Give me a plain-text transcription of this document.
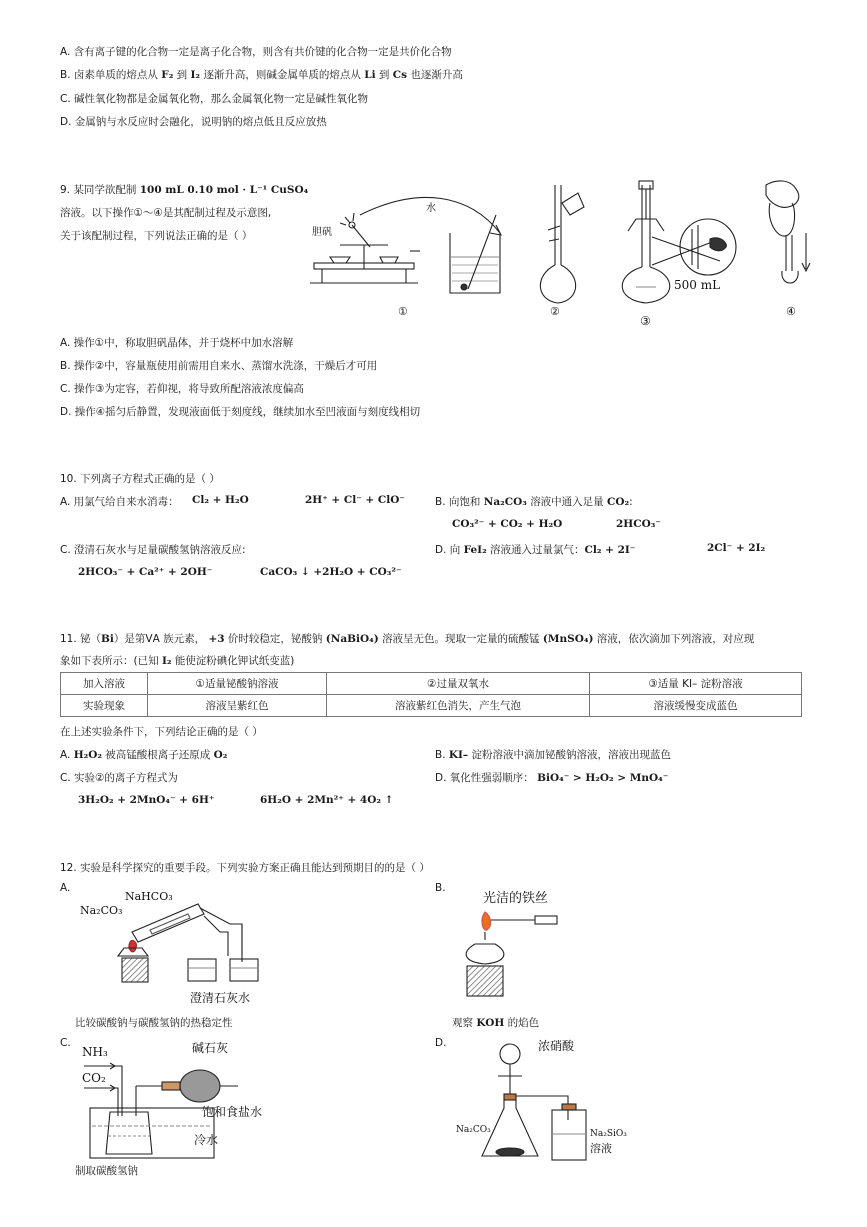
A. 含有离子键的化合物一定是离子化合物，则含有共价键的化合物一定是共价化合物
B. 卤素单质的熔点从 F₂ 到 I₂ 逐渐升高，则碱金属单质的熔点从 Li 到 Cs 也逐渐升高
C. 碱性氧化物都是金属氧化物，那么金属氧化物一定是碱性氧化物
D. 金属钠与水反应时会融化，说明钠的熔点低且反应放热
9. 某同学欲配制 100 mL 0.10 mol · L⁻¹ CuSO₄
溶液。以下操作①～④是其配制过程及示意图,
关于该配制过程，下列说法正确的是（ ）
水
胆矾
500 mL
①	②
③
④
A. 操作①中，称取胆矾晶体，并于烧杯中加水溶解
B. 操作②中，容量瓶使用前需用自来水、蒸馏水洗涤，干燥后才可用
C. 操作③为定容，若仰视，将导致所配溶液浓度偏高
D. 操作④摇匀后静置，发现液面低于刻度线，继续加水至凹液面与刻度线相切
10. 下列离子方程式正确的是（ ）
A. 用氯气给自来水消毒： Cl₂ + H₂O	2H⁺ + Cl⁻ + ClO⁻	B. 向饱和 Na₂CO₃ 溶液中通入足量 CO₂:
CO₃²⁻ + CO₂ + H₂O	2HCO₃⁻
C. 澄清石灰水与足量碳酸氢钠溶液反应:
2HCO₃⁻ + Ca²⁺ + 2OH⁻	CaCO₃ ↓ +2H₂O + CO₃²⁻
D. 向 FeI₂ 溶液通入过量氯气：Cl₂ + 2I⁻	2Cl⁻ + 2I₂
11. 铋（Bi）是第ⅤA 族元素， +3 价时较稳定，铋酸钠 (NaBiO₄) 溶液呈无色。现取一定量的硫酸锰 (MnSO₄) 溶液，依次滴加下列溶液，对应现
象如下表所示：(已知 I₂ 能使淀粉碘化钾试纸变蓝)
加入溶液	①适量铋酸钠溶液	②过量双氧水	③适量 KI– 淀粉溶液
实验现象	溶液呈紫红色	溶液紫红色消失，产生气泡	溶液缓慢变成蓝色
在上述实验条件下，下列结论正确的是（ ）
A. H₂O₂ 被高锰酸根离子还原成 O₂	B. KI– 淀粉溶液中滴加铋酸钠溶液，溶液出现蓝色
C. 实验②的离子方程式为
3H₂O₂ + 2MnO₄⁻ + 6H⁺	6H₂O + 2Mn²⁺ + 4O₂ ↑
D. 氧化性强弱顺序： BiO₄⁻ > H₂O₂ > MnO₄⁻
12. 实验是科学探究的重要手段。下列实验方案正确且能达到预期目的的是（ ）
A.
Na₂CO₃
NaHCO₃
澄清石灰水
比较碳酸钠与碳酸氢钠的热稳定性
B.
光洁的铁丝
观察 KOH 的焰色
C.
NH₃
CO₂
碱石灰
饱和食盐水
冷水
制取碳酸氢钠
D.	浓硝酸
Na₂CO₃	Na₂SiO₃
溶液
